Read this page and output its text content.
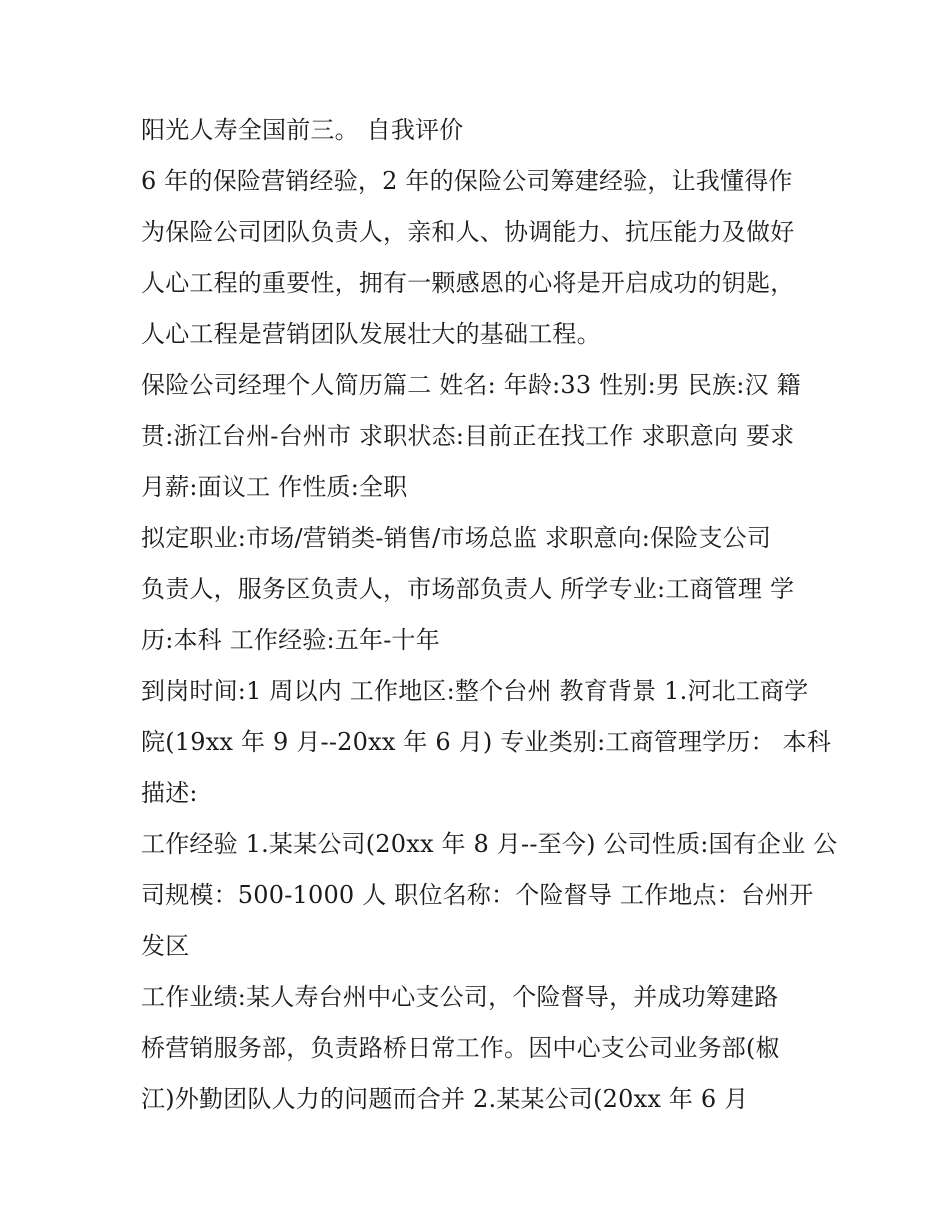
阳光人寿全国前三。 自我评价
6 年的保险营销经验，2 年的保险公司筹建经验，让我懂得作
为保险公司团队负责人，亲和人、协调能力、抗压能力及做好
人心工程的重要性，拥有一颗感恩的心将是开启成功的钥匙，
人心工程是营销团队发展壮大的基础工程。
保险公司经理个人简历篇二 姓名: 年龄:33 性别:男 民族:汉 籍
贯:浙江台州-台州市 求职状态:目前正在找工作 求职意向 要求
月薪:面议工 作性质:全职
拟定职业:市场/营销类-销售/市场总监 求职意向:保险支公司
负责人，服务区负责人，市场部负责人 所学专业:工商管理 学
历:本科 工作经验:五年-十年
到岗时间:1 周以内 工作地区:整个台州 教育背景 1.河北工商学
院(19xx 年 9 月--20xx 年 6 月) 专业类别:工商管理学历： 本科
描述:
工作经验 1.某某公司(20xx 年 8 月--至今) 公司性质:国有企业 公
司规模：500-1000 人 职位名称：个险督导 工作地点：台州开
发区
工作业绩:某人寿台州中心支公司，个险督导，并成功筹建路
桥营销服务部，负责路桥日常工作。因中心支公司业务部(椒
江)外勤团队人力的问题而合并 2.某某公司(20xx 年 6 月
